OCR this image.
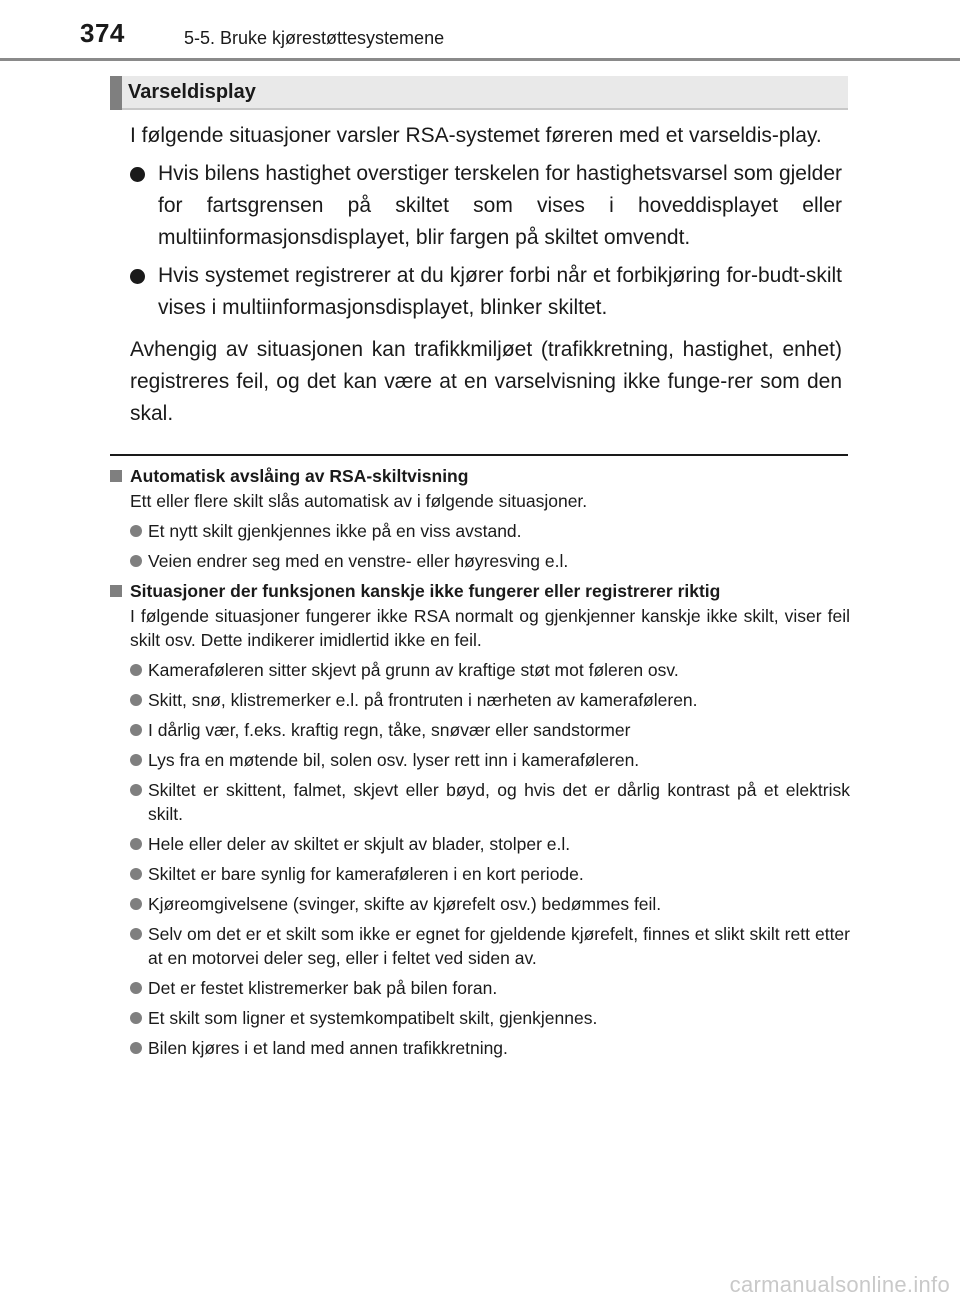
374	5-5. Bruke kjørestøttesystemene
Varseldisplay

I følgende situasjoner varsler RSA-systemet føreren med et varseldis-play.

Hvis bilens hastighet overstiger terskelen for hastighetsvarsel som gjelder for fartsgrensen på skiltet som vises i hoveddisplayet eller multiinformasjonsdisplayet, blir fargen på skiltet omvendt.
Hvis systemet registrerer at du kjører forbi når et forbikjøring for-budt-skilt vises i multiinformasjonsdisplayet, blinker skiltet.

Avhengig av situasjonen kan trafikkmiljøet (trafikkretning, hastighet, enhet) registreres feil, og det kan være at en varselvisning ikke funge-rer som den skal.

Automatisk avslåing av RSA-skiltvisning
Ett eller flere skilt slås automatisk av i følgende situasjoner.
Et nytt skilt gjenkjennes ikke på en viss avstand.
Veien endrer seg med en venstre- eller høyresving e.l.
Situasjoner der funksjonen kanskje ikke fungerer eller registrerer riktig
I følgende situasjoner fungerer ikke RSA normalt og gjenkjenner kanskje ikke skilt, viser feil skilt osv. Dette indikerer imidlertid ikke en feil.
Kameraføleren sitter skjevt på grunn av kraftige støt mot føleren osv.
Skitt, snø, klistremerker e.l. på frontruten i nærheten av kameraføleren.
I dårlig vær, f.eks. kraftig regn, tåke, snøvær eller sandstormer
Lys fra en møtende bil, solen osv. lyser rett inn i kameraføleren.
Skiltet er skittent, falmet, skjevt eller bøyd, og hvis det er dårlig kontrast på et elektrisk skilt.
Hele eller deler av skiltet er skjult av blader, stolper e.l.
Skiltet er bare synlig for kameraføleren i en kort periode.
Kjøreomgivelsene (svinger, skifte av kjørefelt osv.) bedømmes feil.
Selv om det er et skilt som ikke er egnet for gjeldende kjørefelt, finnes et slikt skilt rett etter at en motorvei deler seg, eller i feltet ved siden av.
Det er festet klistremerker bak på bilen foran.
Et skilt som ligner et systemkompatibelt skilt, gjenkjennes.
Bilen kjøres i et land med annen trafikkretning.
carmanualsonline.info
